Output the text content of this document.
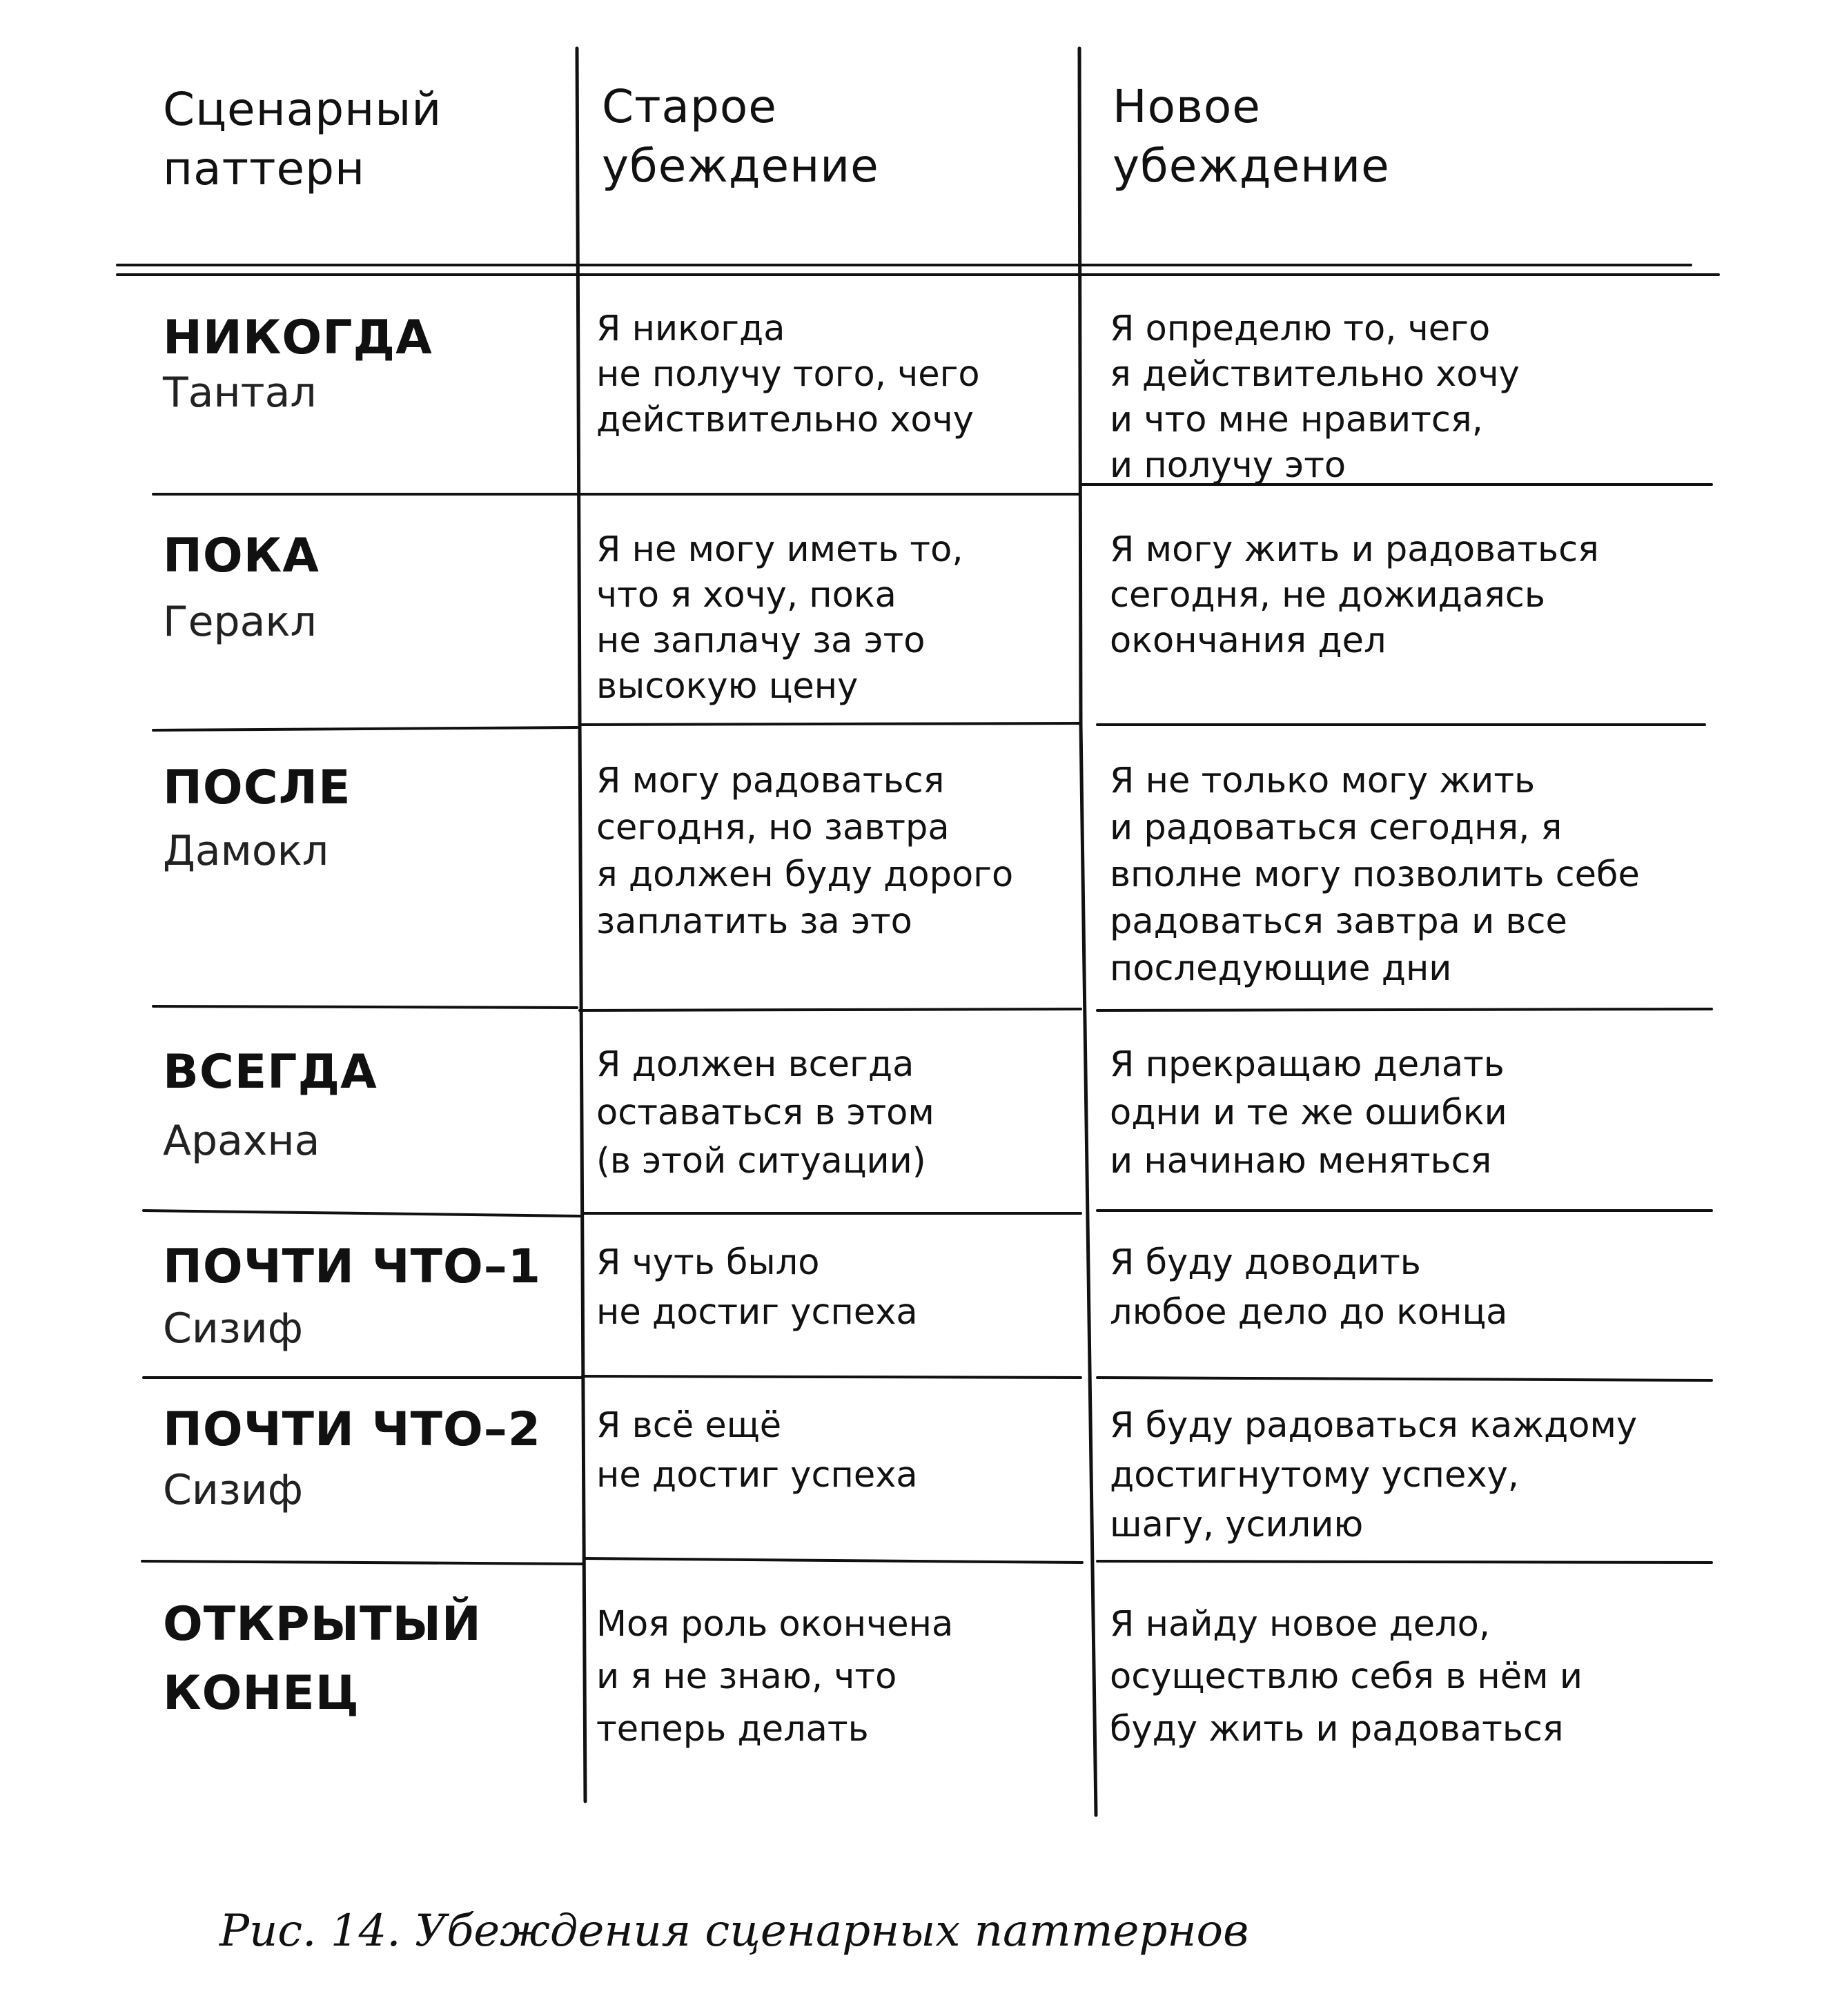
Сценарный
паттерн

Старое
убеждение

Новое
убеждение

НИКОГДА

Тантал

Я никогда
не получу того, чего
действительно хочу

Я определю то, чего
я действительно хочу
и что мне нравится,
и получу это

ПОКА

Геракл

Я не могу иметь то,
что я хочу, пока
не заплачу за это
высокую цену

Я могу жить и радоваться
сегодня, не дожидаясь
окончания дел

ПОСЛЕ

Дамокл

Я могу радоваться
сегодня, но завтра
я должен буду дорого
заплатить за это

Я не только могу жить
и радоваться сегодня, я
вполне могу позволить себе
радоваться завтра и все
последующие дни

ВСЕГДА

Арахна

Я должен всегда
оставаться в этом
(в этой ситуации)

Я прекращаю делать
одни и те же ошибки
и начинаю меняться

ПОЧТИ ЧТО–1

Сизиф

Я чуть было
не достиг успеха

Я буду доводить
любое дело до конца

ПОЧТИ ЧТО–2

Сизиф

Я всё ещё
не достиг успеха

Я буду радоваться каждому
достигнутому успеху,
шагу, усилию

ОТКРЫТЫЙ
КОНЕЦ

Моя роль окончена
и я не знаю, что
теперь делать

Я найду новое дело,
осуществлю себя в нём и
буду жить и радоваться

Рис. 14. Убеждения сценарных паттернов
